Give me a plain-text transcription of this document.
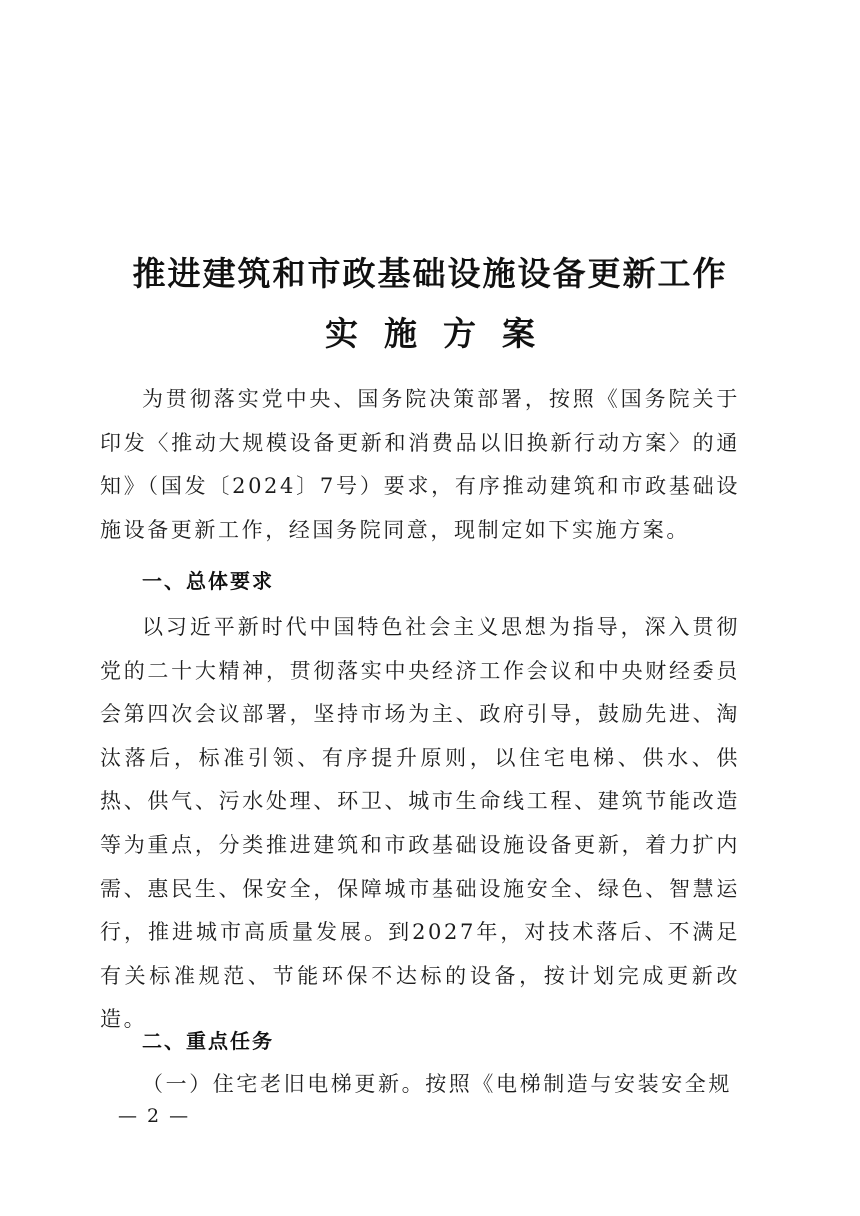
推进建筑和市政基础设施设备更新工作
实施方案

为贯彻落实党中央、国务院决策部署，按照《国务院关于印发〈推动大规模设备更新和消费品以旧换新行动方案〉的通知》（国发〔2024〕7号）要求，有序推动建筑和市政基础设施设备更新工作，经国务院同意，现制定如下实施方案。

一、总体要求

以习近平新时代中国特色社会主义思想为指导，深入贯彻党的二十大精神，贯彻落实中央经济工作会议和中央财经委员会第四次会议部署，坚持市场为主、政府引导，鼓励先进、淘汰落后，标准引领、有序提升原则，以住宅电梯、供水、供热、供气、污水处理、环卫、城市生命线工程、建筑节能改造等为重点，分类推进建筑和市政基础设施设备更新，着力扩内需、惠民生、保安全，保障城市基础设施安全、绿色、智慧运行，推进城市高质量发展。到2027年，对技术落后、不满足有关标准规范、节能环保不达标的设备，按计划完成更新改造。

二、重点任务

（一）住宅老旧电梯更新。按照《电梯制造与安装安全规

— 2 —
